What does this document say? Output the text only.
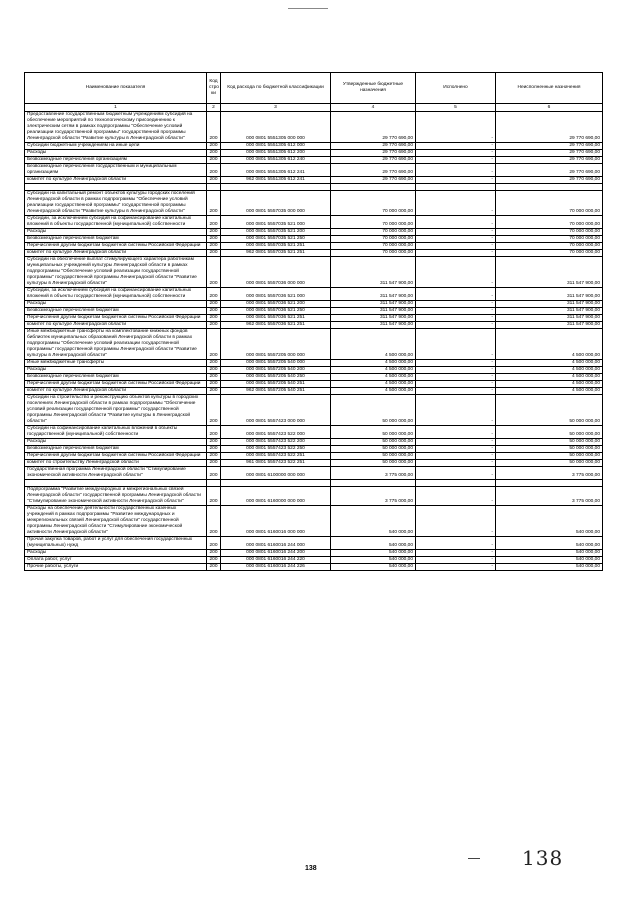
Наименование показателя	Код стро ки	Код расхода по бюджетной классификации	Утвержденные бюджетные назначения	Исполнено	Неисполненные назначения
1	2	3	4	5	6
Предоставление государственным бюджетным учреждениям субсидий на обеспечение мероприятий по технологическому присоединению к электрическим сетям в рамках подпрограммы "Обеспечение условий реализации государственной программы" государственной программы Ленинградской области "Развитие культуры в Ленинградской области"	200	000 0801 5551305 000 000	29 770 690,00	-	29 770 690,00
Субсидии бюджетным учреждениям на иные цели	200	000 0801 5551305 612 000	29 770 690,00	-	29 770 690,00
Расходы	200	000 0801 5551305 612 200	29 770 690,00	-	29 770 690,00
Безвозмездные перечисления организациям	200	000 0801 5551305 612 240	29 770 690,00	-	29 770 690,00
Безвозмездные перечисления государственным и муниципальным организациям	200	000 0801 5551305 612 241	29 770 690,00	-	29 770 690,00
комитет по культуре Ленинградской области	200	962 0801 5551305 612 241	29 770 690,00	-	29 770 690,00

Субсидии на капитальный ремонт объектов культуры городских поселений Ленинградской области в рамках подпрограммы "Обеспечение условий реализации государственной программы" государственной программы Ленинградской области "Развитие культуры в Ленинградской области"	200	000 0801 5557035 000 000	70 000 000,00	-	70 000 000,00
Субсидии, за исключением субсидий на софинансирование капитальных вложений в объекты государственной (муниципальной) собственности	200	000 0801 5557035 521 000	70 000 000,00	-	70 000 000,00
Расходы	200	000 0801 5557035 521 200	70 000 000,00	-	70 000 000,00
Безвозмездные перечисления бюджетам	200	000 0801 5557035 521 250	70 000 000,00	-	70 000 000,00
Перечисления другим бюджетам бюджетной системы Российской Федерации	200	000 0801 5557035 521 251	70 000 000,00	-	70 000 000,00
комитет по культуре Ленинградской области	200	962 0801 5557035 521 251	70 000 000,00	-	70 000 000,00
Субсидии на обеспечение выплат стимулирующего характера работникам муниципальных учреждений культуры Ленинградской области в рамках подпрограммы "Обеспечение условий реализации государственной программы" государственной программы Ленинградской области "Развитие культуры в Ленинградской области"	200	000 0801 5557036 000 000	311 547 900,00	-	311 547 900,00
Субсидии, за исключением субсидий на софинансирование капитальных вложений в объекты государственной (муниципальной) собственности	200	000 0801 5557036 521 000	311 547 900,00	-	311 547 900,00
Расходы	200	000 0801 5557036 521 200	311 547 900,00	-	311 547 900,00
Безвозмездные перечисления бюджетам	200	000 0801 5557036 521 250	311 547 900,00	-	311 547 900,00
Перечисления другим бюджетам бюджетной системы Российской Федерации	200	000 0801 5557036 521 251	311 547 900,00	-	311 547 900,00
комитет по культуре Ленинградской области	200	962 0801 5557036 521 251	311 547 900,00	-	311 547 900,00
Иные межбюджетные трансферты на комплектование книжных фондов библиотек муниципальных образований Ленинградской области в рамках подпрограммы "Обеспечение условий реализации государственной программы" государственной программы Ленинградской области "Развитие культуры в Ленинградской области"	200	000 0801 5557205 000 000	4 500 000,00	-	4 500 000,00
Иные межбюджетные трансферты	200	000 0801 5557205 540 000	4 500 000,00	-	4 500 000,00
Расходы	200	000 0801 5557205 540 200	4 500 000,00	-	4 500 000,00
Безвозмездные перечисления бюджетам	200	000 0801 5557205 540 250	4 500 000,00	-	4 500 000,00
Перечисления другим бюджетам бюджетной системы Российской Федерации	200	000 0801 5557205 540 251	4 500 000,00	-	4 500 000,00
комитет по культуре Ленинградской области	200	962 0801 5557205 540 251	4 500 000,00	-	4 500 000,00
Субсидии на строительство и реконструкцию объектов культуры в городских поселениях Ленинградской области в рамках подпрограммы "Обеспечение условий реализации государственной программы" государственной программы Ленинградской области "Развитие культуры в Ленинградской области"	200	000 0801 5557423 000 000	50 000 000,00	-	50 000 000,00
Субсидии на софинансирование капитальных вложений в объекты государственной (муниципальной) собственности	200	000 0801 5557423 522 000	50 000 000,00	-	50 000 000,00
Расходы	200	000 0801 5557423 522 200	50 000 000,00	-	50 000 000,00
Безвозмездные перечисления бюджетам	200	000 0801 5557423 522 250	50 000 000,00	-	50 000 000,00
Перечисления другим бюджетам бюджетной системы Российской Федерации	200	000 0801 5557423 522 251	50 000 000,00	-	50 000 000,00
комитет по строительству Ленинградской области	200	961 0801 5557423 522 251	50 000 000,00	-	50 000 000,00
Государственная программа Ленинградской области "Стимулирование экономической активности Ленинградской области"	200	000 0801 6100000 000 000	3 775 000,00	-	3 775 000,00

Подпрограмма "Развитие международных и межрегиональных связей Ленинградской области" государственной программы Ленинградской области "Стимулирование экономической активности Ленинградской области"	200	000 0801 6160000 000 000	3 775 000,00	-	3 775 000,00
Расходы на обеспечение деятельности государственных казенных учреждений в рамках подпрограммы "Развитие международных и межрегиональных связей Ленинградской области" государственной программы Ленинградской области "Стимулирование экономической активности Ленинградской области"	200	000 0801 6160016 000 000	540 000,00	-	540 000,00
Прочая закупка товаров, работ и услуг для обеспечения государственных (муниципальных) нужд	200	000 0801 6160016 244 000	540 000,00	-	540 000,00
Расходы	200	000 0801 6160016 244 200	540 000,00	-	540 000,00
Оплата работ, услуг	200	000 0801 6160016 244 220	540 000,00	-	540 000,00
Прочие работы, услуги	200	000 0801 6160016 244 226	540 000,00	-	540 000,00
138
138
